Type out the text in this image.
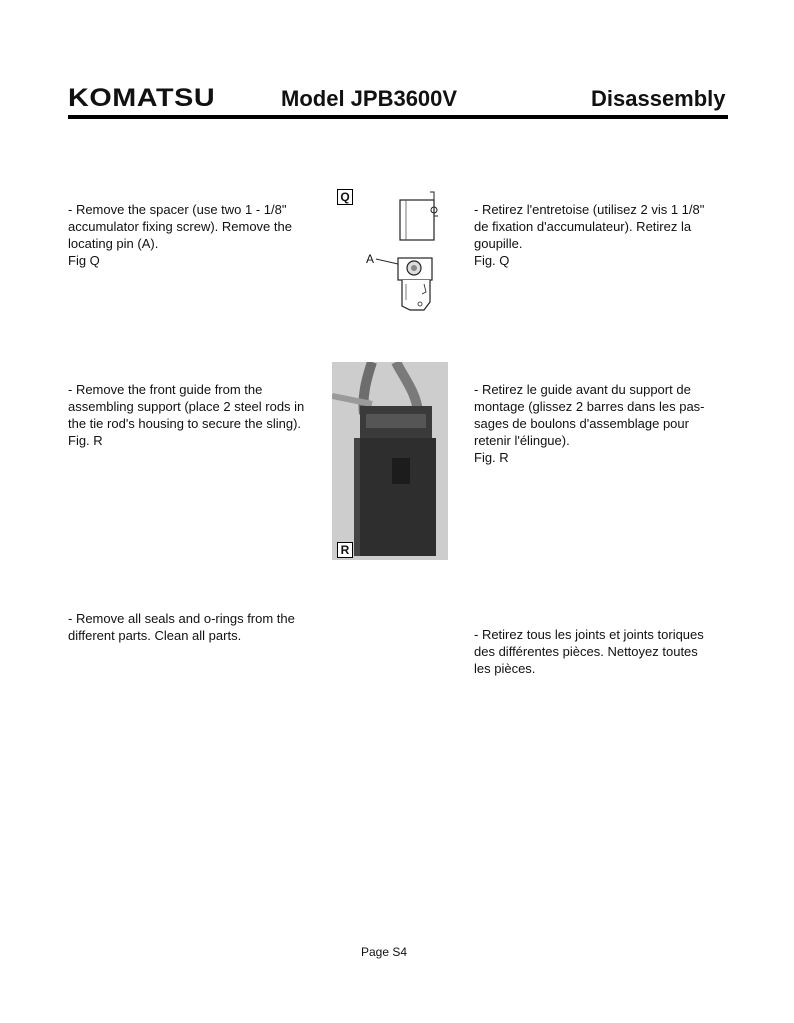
KOMATSU	Model JPB3600V	Disassembly
- Remove the spacer (use two 1 - 1/8"
accumulator fixing screw). Remove the
locating pin (A).
Fig Q
- Retirez l'entretoise (utilisez 2 vis 1 1/8"
de fixation d'accumulateur). Retirez la
goupille.
Fig. Q
Q
A
- Remove the front guide from the
assembling support (place 2 steel rods in
the tie rod's housing to secure the sling).
Fig. R
- Retirez le guide avant du support de
montage (glissez 2 barres dans les pas-
sages de boulons d'assemblage pour
retenir l'élingue).
Fig. R
R
- Remove all seals and o-rings from the
different parts. Clean all parts.	- Retirez tous les joints et joints toriques
des différentes pièces. Nettoyez toutes
les pièces.
Page S4
